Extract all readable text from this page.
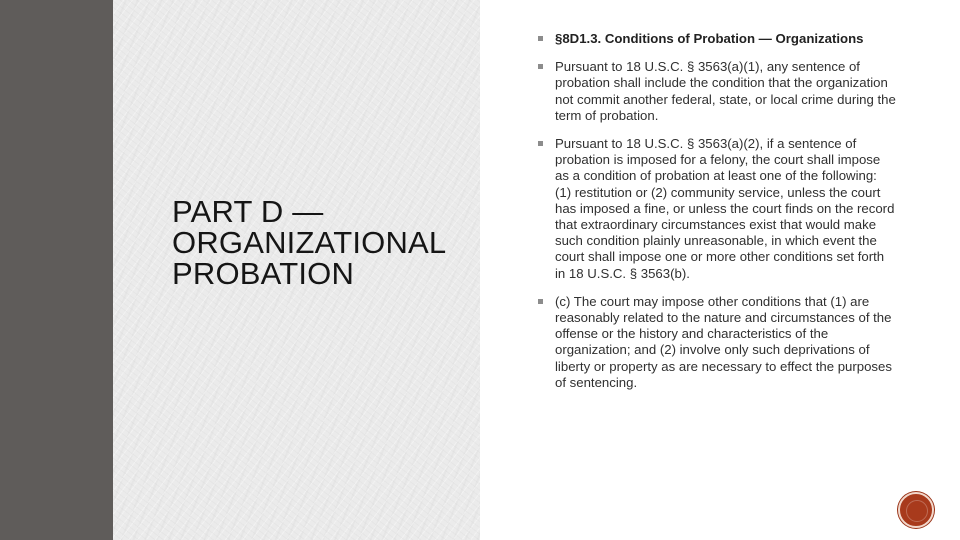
PART D — ORGANIZATIONAL PROBATION
§8D1.3. Conditions of Probation — Organizations
Pursuant to 18 U.S.C. § 3563(a)(1), any sentence of probation shall include the condition that the organization not commit another federal, state, or local crime during the term of probation.
Pursuant to 18 U.S.C. § 3563(a)(2), if a sentence of probation is imposed for a felony, the court shall impose as a condition of probation at least one of the following: (1) restitution or (2) community service, unless the court has imposed a fine, or unless the court finds on the record that extraordinary circumstances exist that would make such condition plainly unreasonable, in which event the court shall impose one or more other conditions set forth in 18 U.S.C. § 3563(b).
(c) The court may impose other conditions that (1) are reasonably related to the nature and circumstances of the offense or the history and characteristics of the organization; and (2) involve only such deprivations of liberty or property as are necessary to effect the purposes of sentencing.
